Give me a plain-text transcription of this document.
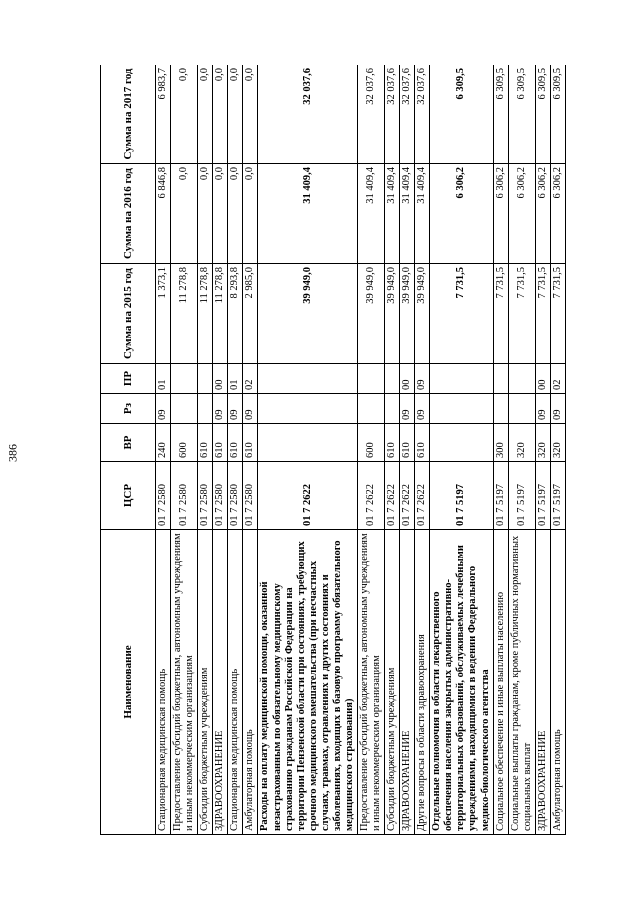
386
Наименование	ЦСР	ВР	Рз	ПР	Сумма на 2015 год	Сумма на 2016 год	Сумма на 2017 год
Стационарная медицинская помощь	01 7 2580	240	09	01	1 373,1	6 846,8	6 983,7
Предоставление субсидий бюджетным, автономным учреждениям и иным некоммерческим организациям	01 7 2580	600			11 278,8	0,0	0,0
Субсидии бюджетным учреждениям	01 7 2580	610			11 278,8	0,0	0,0
ЗДРАВООХРАНЕНИЕ	01 7 2580	610	09	00	11 278,8	0,0	0,0
Стационарная медицинская помощь	01 7 2580	610	09	01	8 293,8	0,0	0,0
Амбулаторная помощь	01 7 2580	610	09	02	2 985,0	0,0	0,0
Расходы на оплату медицинской помощи, оказанной незастрахованным по обязательному медицинскому страхованию гражданам Российской Федерации на территории Пензенской области при состояниях, требующих срочного медицинского вмешательства (при несчастных случаях, травмах, отравлениях и других состояниях и заболеваниях, входящих в базовую программу обязательного медицинского страхования)	01 7 2622				39 949,0	31 409,4	32 037,6
Предоставление субсидий бюджетным, автономным учреждениям и иным некоммерческим организациям	01 7 2622	600			39 949,0	31 409,4	32 037,6
Субсидии бюджетным учреждениям	01 7 2622	610			39 949,0	31 409,4	32 037,6
ЗДРАВООХРАНЕНИЕ	01 7 2622	610	09	00	39 949,0	31 409,4	32 037,6
Другие вопросы в области здравоохранения	01 7 2622	610	09	09	39 949,0	31 409,4	32 037,6
Отдельные полномочия в области лекарственного обеспечения населения закрытых административно-территориальных образований, обслуживаемых лечебными учреждениями, находящимися в ведении Федерального медико-биологического агентства	01 7 5197				7 731,5	6 306,2	6 309,5
Социальное обеспечение и иные выплаты населению	01 7 5197	300			7 731,5	6 306,2	6 309,5
Социальные выплаты гражданам, кроме публичных нормативных социальных выплат	01 7 5197	320			7 731,5	6 306,2	6 309,5
ЗДРАВООХРАНЕНИЕ	01 7 5197	320	09	00	7 731,5	6 306,2	6 309,5
Амбулаторная помощь	01 7 5197	320	09	02	7 731,5	6 306,2	6 309,5
